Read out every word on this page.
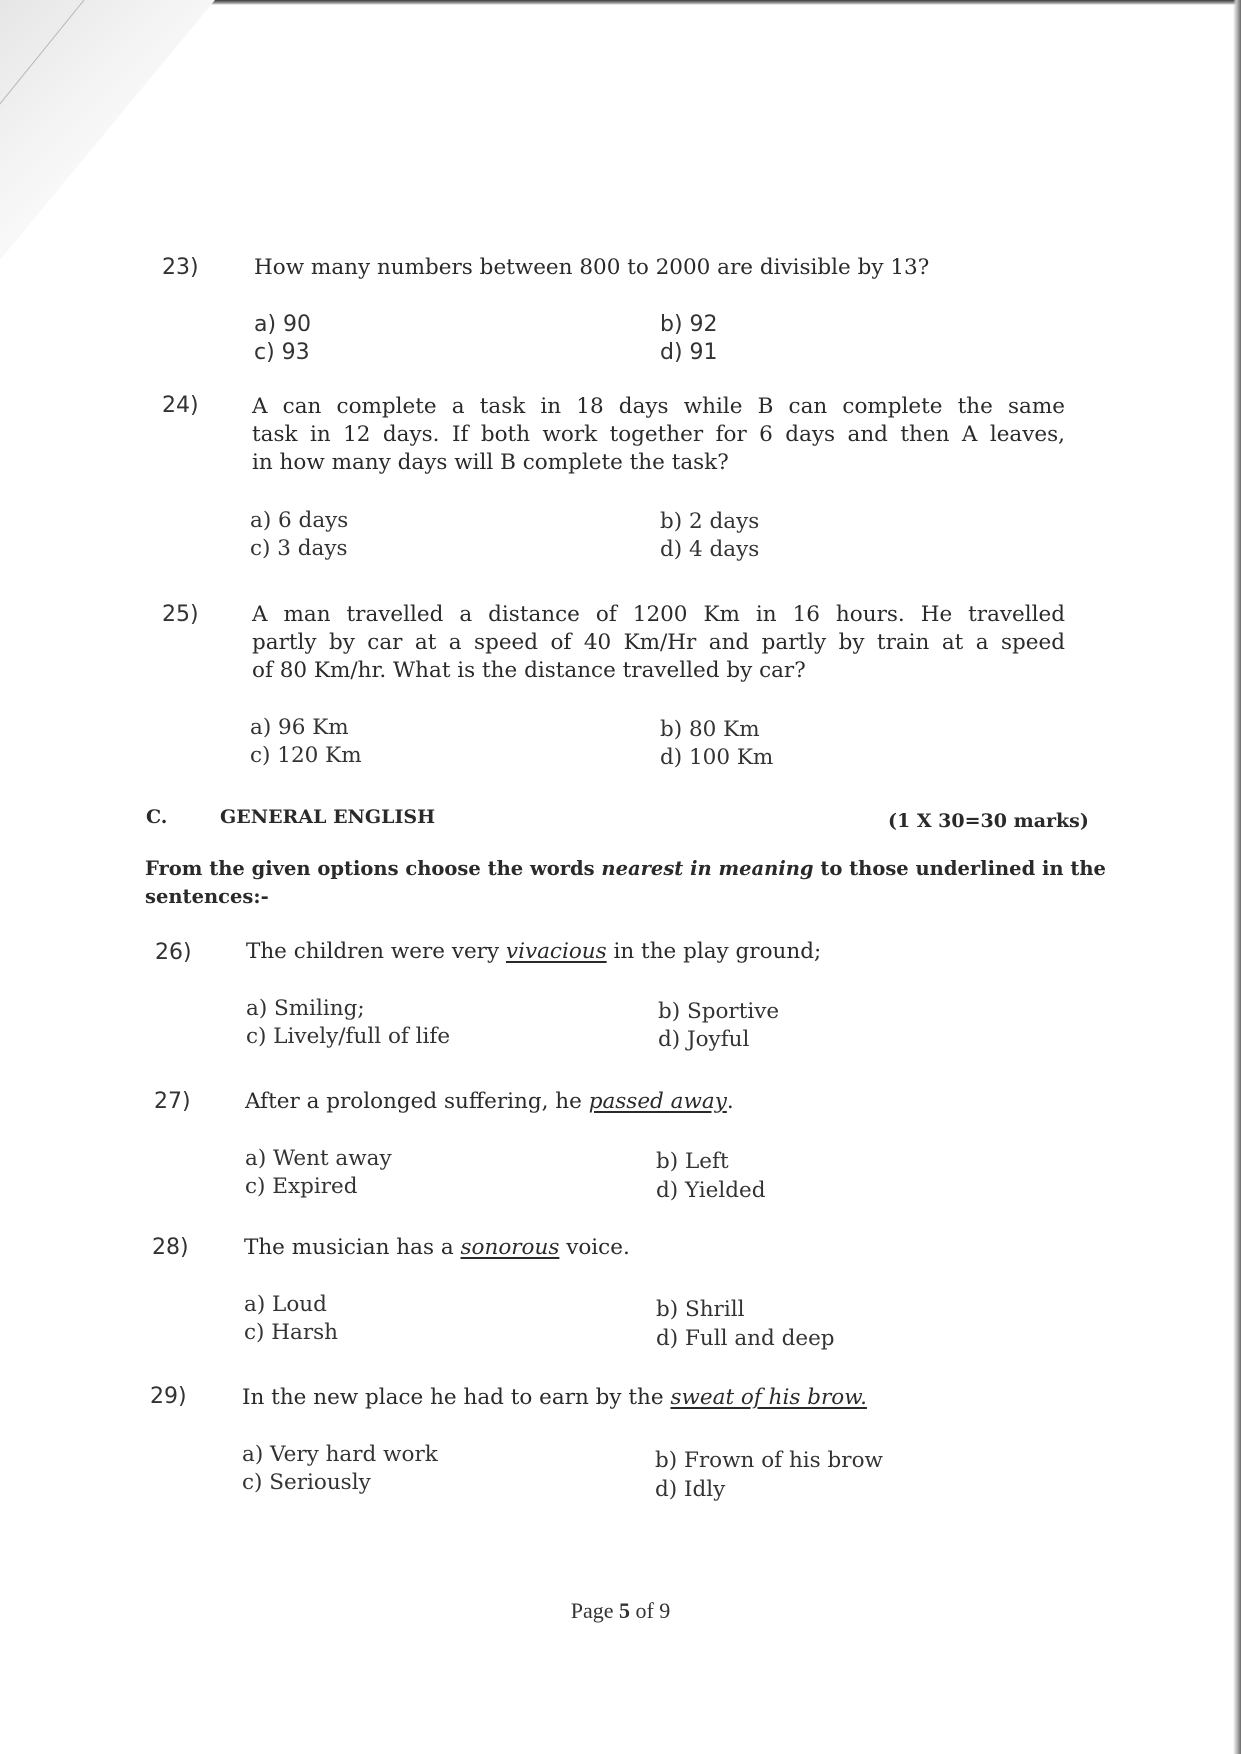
23)	How many numbers between 800 to 2000 are divisible by 13?
a) 90	b) 92
c) 93	d) 91
24) A can complete a task in 18 days while B can complete the same
task in 12 days. If both work together for 6 days and then A leaves,
in how many days will B complete the task?
a) 6 days	b) 2 days
c) 3 days	d) 4 days
25) A man travelled a distance of 1200 Km in 16 hours. He travelled
partly by car at a speed of 40 Km/Hr and partly by train at a speed
of 80 Km/hr. What is the distance travelled by car?
a) 96 Km	b) 80 Km
c) 120 Km	d) 100 Km
C.	GENERAL ENGLISH	(1 X 30=30 marks)
From the given options choose the words nearest in meaning to those underlined in the sentences:-
26)	The children were very vivacious in the play ground;
a) Smiling;	b) Sportive
c) Lively/full of life	d) Joyful
27)	After a prolonged suffering, he passed away.
a) Went away	b) Left
c) Expired	d) Yielded
28)	The musician has a sonorous voice.
a) Loud	b) Shrill
c) Harsh	d) Full and deep
29)	In the new place he had to earn by the sweat of his brow.
a) Very hard work	b) Frown of his brow
c) Seriously	d) Idly
Page 5 of 9
